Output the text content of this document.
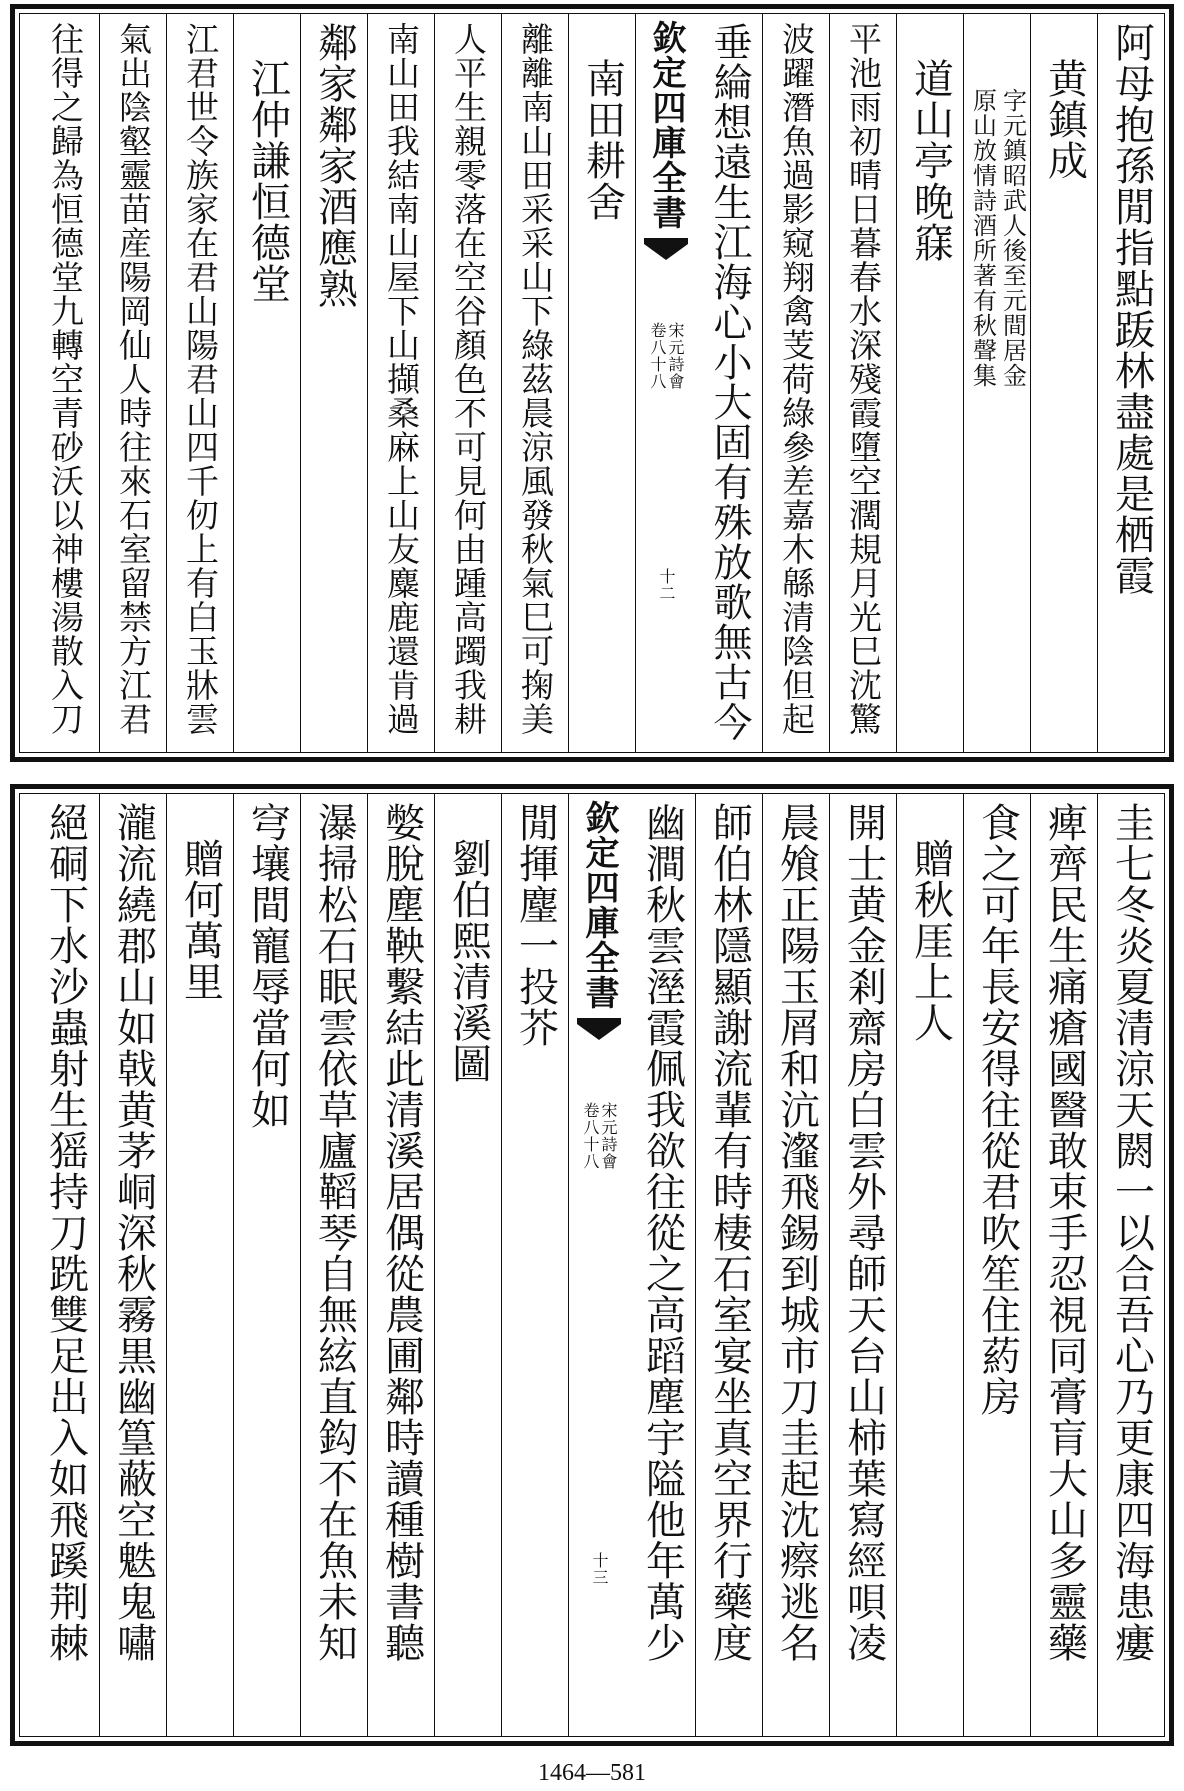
阿母抱孫閒指點䟦林盡處是栖霞
黄鎮成
字元鎮昭武人後至元間居金
原山放情詩酒所著有秋聲集
道山亭晚𥧌
平池雨初晴日暮春水深殘霞墮空濶規月光巳沈驚
波躍潛魚過影窥翔禽芰荷綠參差嘉木緜清陰但起
垂綸想遠生江海心小大固有殊放歌無古今
欽定四庫全書
宋元詩會
卷八十八
十二
南田耕舍
離離南山田采采山下綠茲晨涼風發秋氣巳可掬美
人平生親零落在空谷顏色不可見何由踵高躅我耕
南山田我結南山屋下山擷桑麻上山友麋鹿還肯過
鄰家鄰家酒應熟
江仲謙恒德堂
江君世令族家在君山陽君山四千仞上有白玉牀雲
氣出陰壑靈苗産陽岡仙人時往來石室留禁方江君
往得之歸為恒德堂九轉空青砂沃以神樓湯散入刀
圭七冬炎夏清涼天閼一以合吾心乃更康四海患瘻
痺齊民生痛瘡國醫敢束手忍視同膏肓大山多靈藥
食之可年長安得往從君吹笙住葯房
贈秋厓上人
開士黄金剎齋房白雲外尋師天台山柿葉寫經唄凌
晨飧正陽玉屑和沆瀣飛錫到城市刀圭起沈瘵逃名
師伯林隱顯謝流輩有時棲石室宴坐真空界行藥度
幽澗秋雲溼霞佩我欲往從之高蹈塵宇隘他年萬少
欽定四庫全書
宋元詩會
卷八十八
十三
閒揮麈一投芥
劉伯熙清溪圖
嫳脫塵鞅繫結此清溪居偶從農圃鄰時讀種樹書聽
瀑掃松石眠雲依草廬鞱琴自無絃直鈎不在魚未知
穹壤間寵辱當何如
贈何萬里
瀧流繞郡山如戟黄茅峒深秋霧黒幽篁蔽空䰡鬼嘯
絕硐下水沙蟲射生猺持刀跣雙足出入如飛蹊荆棘
1464—581
